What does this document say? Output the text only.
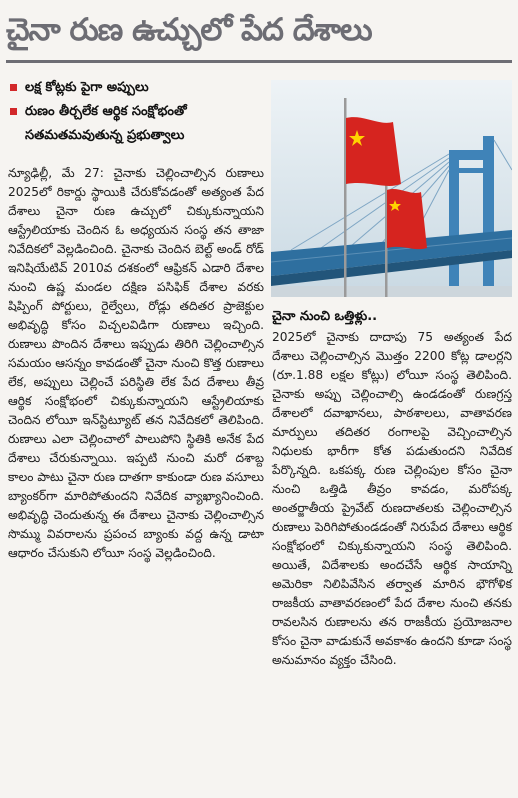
చైనా రుణ ఉచ్చులో పేద దేశాలు
లక్ష కోట్లకు పైగా అప్పులు
రుణం తీర్చలేక ఆర్థిక సంక్షోభంతో
సతమతమవుతున్న ప్రభుత్వాలు
చైనా నుంచి ఒత్తిళ్లు..

న్యూఢిల్లీ, మే 27: చైనాకు చెల్లించాల్సిన రుణాలు 2025లో రికార్డు స్థాయికి చేరుకోవడంతో అత్యంత పేద దేశాలు చైనా రుణ ఉచ్చులో చిక్కుకున్నాయని ఆస్ట్రేలియాకు చెందిన ఓ అధ్యయన సంస్థ తన తాజా నివేదికలో వెల్లడించింది. చైనాకు చెందిన బెల్ట్ అండ్ రోడ్ ఇనిషియేటివ్ 2010వ దశకంలో ఆఫ్రికన్ ఎడారి దేశాల నుంచి ఉష్ణ మండల దక్షిణ పసిఫిక్ దేశాల వరకు షిప్పింగ్ పోర్టులు, రైల్వేలు, రోడ్లు తదితర ప్రాజెక్టుల అభివృద్ధి కోసం విచ్చలవిడిగా రుణాలు ఇచ్చింది. రుణాలు పొందిన దేశాలు ఇప్పుడు తిరిగి చెల్లించాల్సిన సమయం ఆసన్నం కావడంతో చైనా నుంచి కొత్త రుణాలు లేక, అప్పులు చెల్లించే పరిస్థితి లేక పేద దేశాలు తీవ్ర ఆర్థిక సంక్షోభంలో చిక్కుకున్నాయని ఆస్ట్రేలియాకు చెందిన లోయీ ఇన్‌స్టిట్యూట్ తన నివేదికలో తెలిపింది. రుణాలు ఎలా చెల్లించాలో పాలుపోని స్థితికి అనేక పేద దేశాలు చేరుకున్నాయి. ఇప్పటి నుంచి మరో దశాబ్ద కాలం పాటు చైనా రుణ దాతగా కాకుండా రుణ వసూలు బ్యాంకర్‌గా మారిపోతుందని నివేదిక వ్యాఖ్యానించింది. అభివృద్ధి చెందుతున్న ఈ దేశాలు చైనాకు చెల్లించాల్సిన సొమ్ము వివరాలను ప్రపంచ బ్యాంకు వద్ద ఉన్న డాటా ఆధారం చేసుకుని లోయీ సంస్థ వెల్లడించింది.

2025లో చైనాకు దాదాపు 75 అత్యంత పేద దేశాలు చెల్లించాల్సిన మొత్తం 2200 కోట్ల డాలర్లని (రూ.1.88 లక్షల కోట్లు) లోయీ సంస్థ తెలిపింది. చైనాకు అప్పు చెల్లించాల్సి ఉండడంతో రుణగ్రస్త దేశాలలో దవాఖానలు, పాఠశాలలు, వాతావరణ మార్పులు తదితర రంగాలపై వెచ్చించాల్సిన నిధులకు భారీగా కోత పడుతుందని నివేదిక పేర్కొన్నది. ఒకపక్క రుణ చెల్లింపుల కోసం చైనా నుంచి ఒత్తిడి తీవ్రం కావడం, మరోపక్క అంతర్జాతీయ ప్రైవేట్ రుణదాతలకు చెల్లించాల్సిన రుణాలు పెరిగిపోతుండడంతో నిరుపేద దేశాలు ఆర్థిక సంక్షోభంలో చిక్కుకున్నాయని సంస్థ తెలిపింది. అయితే, విదేశాలకు అందచేసే ఆర్థిక సాయాన్ని అమెరికా నిలిపివేసిన తర్వాత మారిన భౌగోళిక రాజకీయ వాతావరణంలో పేద దేశాల నుంచి తనకు రావలసిన రుణాలను తన రాజకీయ ప్రయోజనాల కోసం చైనా వాడుకునే అవకాశం ఉందని కూడా సంస్థ అనుమానం వ్యక్తం చేసింది.
